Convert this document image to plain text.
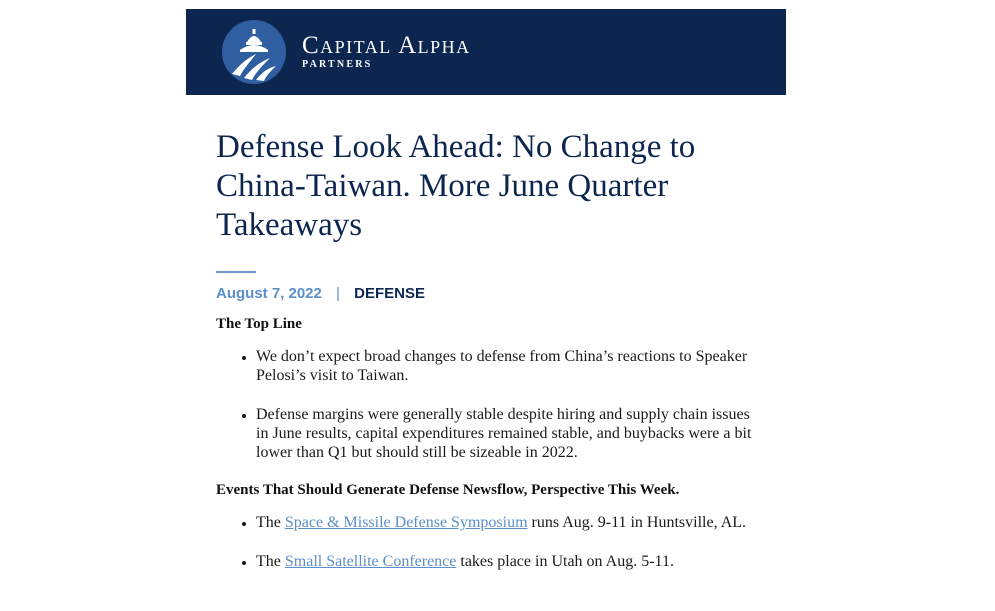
Capital Alpha
PARTNERS
Defense Look Ahead: No Change to China-Taiwan. More June Quarter Takeaways
August 7, 2022 | DEFENSE
The Top Line
• We don’t expect broad changes to defense from China’s reactions to Speaker Pelosi’s visit to Taiwan.
• Defense margins were generally stable despite hiring and supply chain issues in June results, capital expenditures remained stable, and buybacks were a bit lower than Q1 but should still be sizeable in 2022.
Events That Should Generate Defense Newsflow, Perspective This Week.
• The Space & Missile Defense Symposium runs Aug. 9-11 in Huntsville, AL.
• The Small Satellite Conference takes place in Utah on Aug. 5-11.
